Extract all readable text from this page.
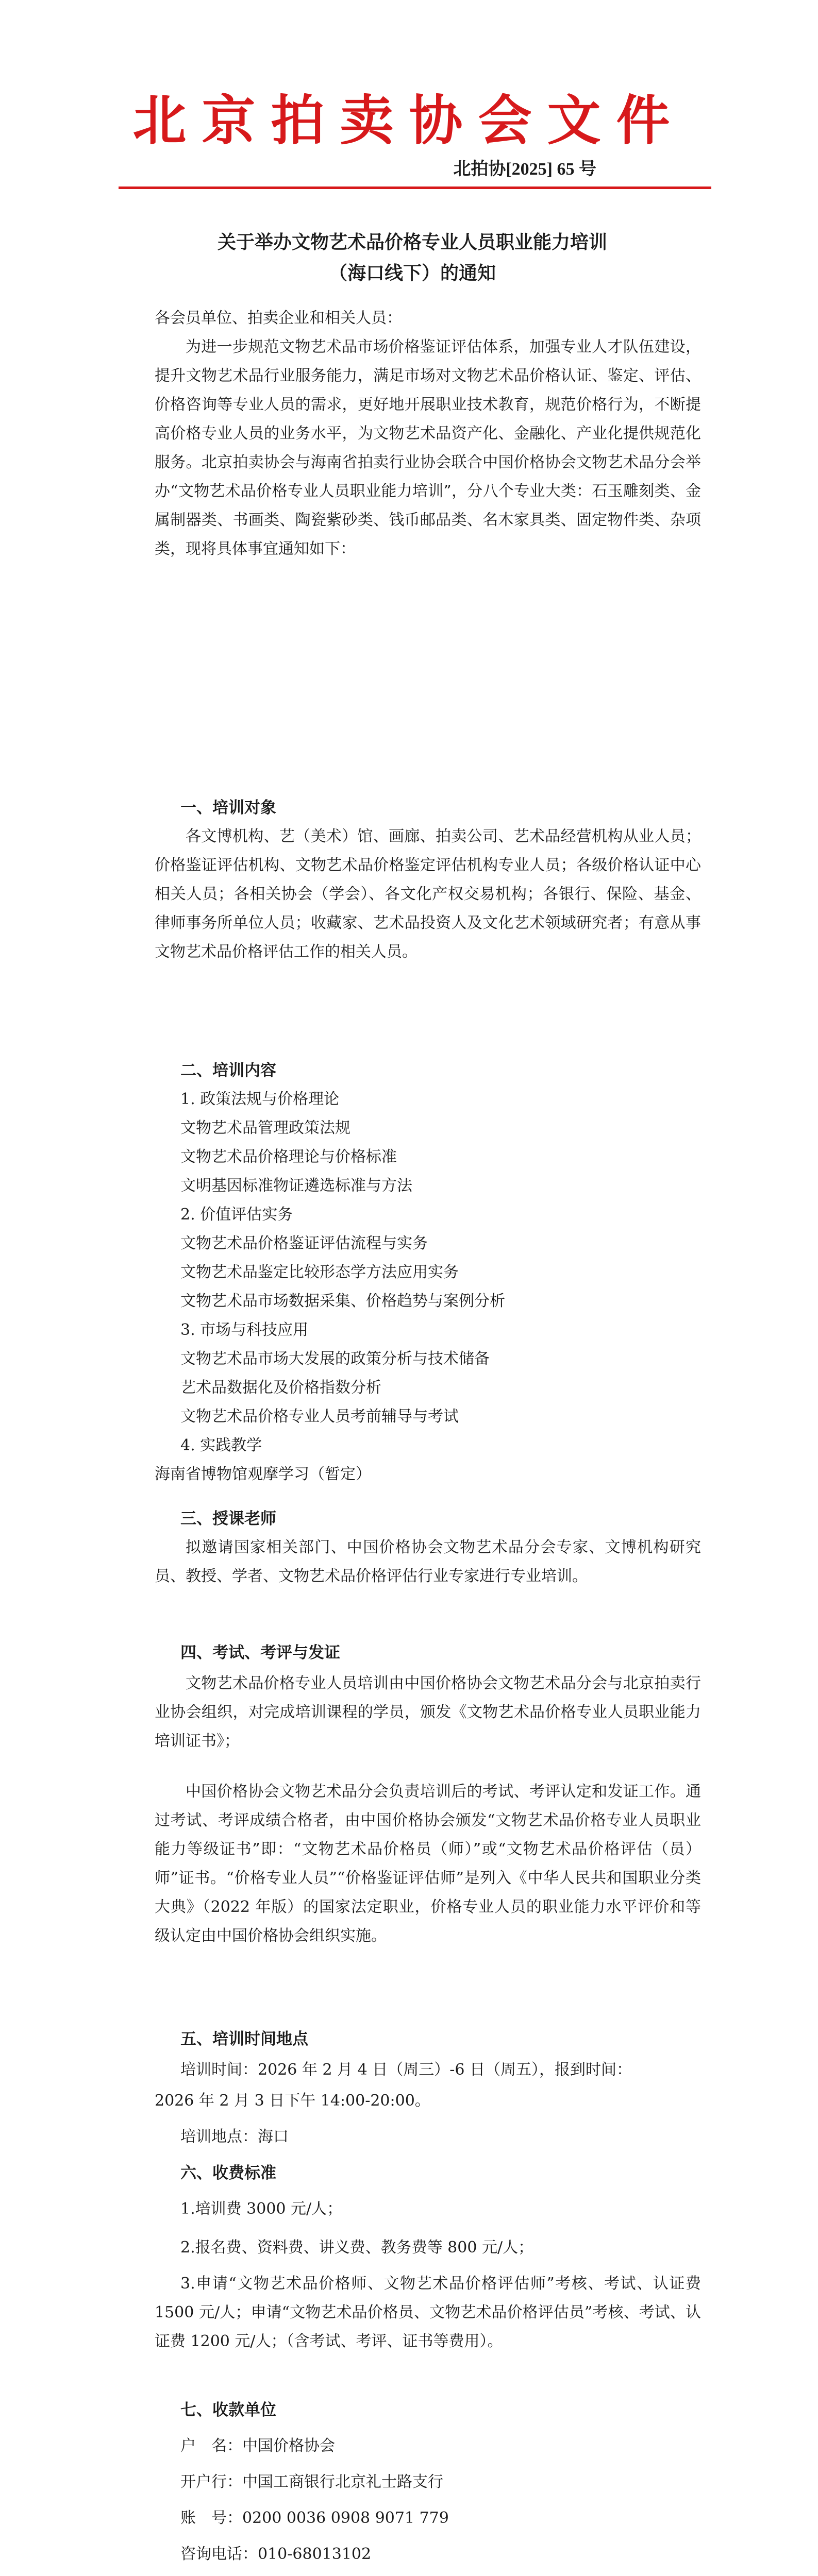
北京拍卖协会文件
北拍协[2025] 65 号
关于举办文物艺术品价格专业人员职业能力培训
（海口线下）的通知
各会员单位、拍卖企业和相关人员：
为进一步规范文物艺术品市场价格鉴证评估体系，加强专业人才队伍建设，提升文物艺术品行业服务能力，满足市场对文物艺术品价格认证、鉴定、评估、价格咨询等专业人员的需求，更好地开展职业技术教育，规范价格行为，不断提高价格专业人员的业务水平，为文物艺术品资产化、金融化、产业化提供规范化服务。北京拍卖协会与海南省拍卖行业协会联合中国价格协会文物艺术品分会举办“文物艺术品价格专业人员职业能力培训”，分八个专业大类：石玉雕刻类、金属制器类、书画类、陶瓷紫砂类、钱币邮品类、名木家具类、固定物件类、杂项类，现将具体事宜通知如下：
一、培训对象
各文博机构、艺（美术）馆、画廊、拍卖公司、艺术品经营机构从业人员；价格鉴证评估机构、文物艺术品价格鉴定评估机构专业人员；各级价格认证中心相关人员；各相关协会（学会）、各文化产权交易机构；各银行、保险、基金、律师事务所单位人员；收藏家、艺术品投资人及文化艺术领域研究者；有意从事文物艺术品价格评估工作的相关人员。
二、培训内容
1. 政策法规与价格理论
文物艺术品管理政策法规
文物艺术品价格理论与价格标准
文明基因标准物证遴选标准与方法
2. 价值评估实务
文物艺术品价格鉴证评估流程与实务
文物艺术品鉴定比较形态学方法应用实务
文物艺术品市场数据采集、价格趋势与案例分析
3. 市场与科技应用
文物艺术品市场大发展的政策分析与技术储备
艺术品数据化及价格指数分析
文物艺术品价格专业人员考前辅导与考试
4. 实践教学
海南省博物馆观摩学习（暂定）
三、授课老师
拟邀请国家相关部门、中国价格协会文物艺术品分会专家、文博机构研究员、教授、学者、文物艺术品价格评估行业专家进行专业培训。
四、考试、考评与发证
文物艺术品价格专业人员培训由中国价格协会文物艺术品分会与北京拍卖行业协会组织，对完成培训课程的学员，颁发《文物艺术品价格专业人员职业能力培训证书》；
中国价格协会文物艺术品分会负责培训后的考试、考评认定和发证工作。通过考试、考评成绩合格者，由中国价格协会颁发“文物艺术品价格专业人员职业能力等级证书”即：“文物艺术品价格员（师）”或“文物艺术品价格评估（员）师”证书。“价格专业人员”“价格鉴证评估师”是列入《中华人民共和国职业分类大典》（2022 年版）的国家法定职业，价格专业人员的职业能力水平评价和等级认定由中国价格协会组织实施。
五、培训时间地点
培训时间：2026 年 2 月 4 日（周三）-6 日（周五），报到时间：
2026 年 2 月 3 日下午 14:00-20:00。
培训地点：海口
六、收费标准
1.培训费 3000 元/人；
2.报名费、资料费、讲义费、教务费等 800 元/人；
3.申请“文物艺术品价格师、文物艺术品价格评估师”考核、考试、认证费 1500 元/人；申请“文物艺术品价格员、文物艺术品价格评估员”考核、考试、认证费 1200 元/人；（含考试、考评、证书等费用）。
七、收款单位
户　名：中国价格协会
开户行：中国工商银行北京礼士路支行
账　号：0200 0036 0908 9071 779
咨询电话：010-68013102
